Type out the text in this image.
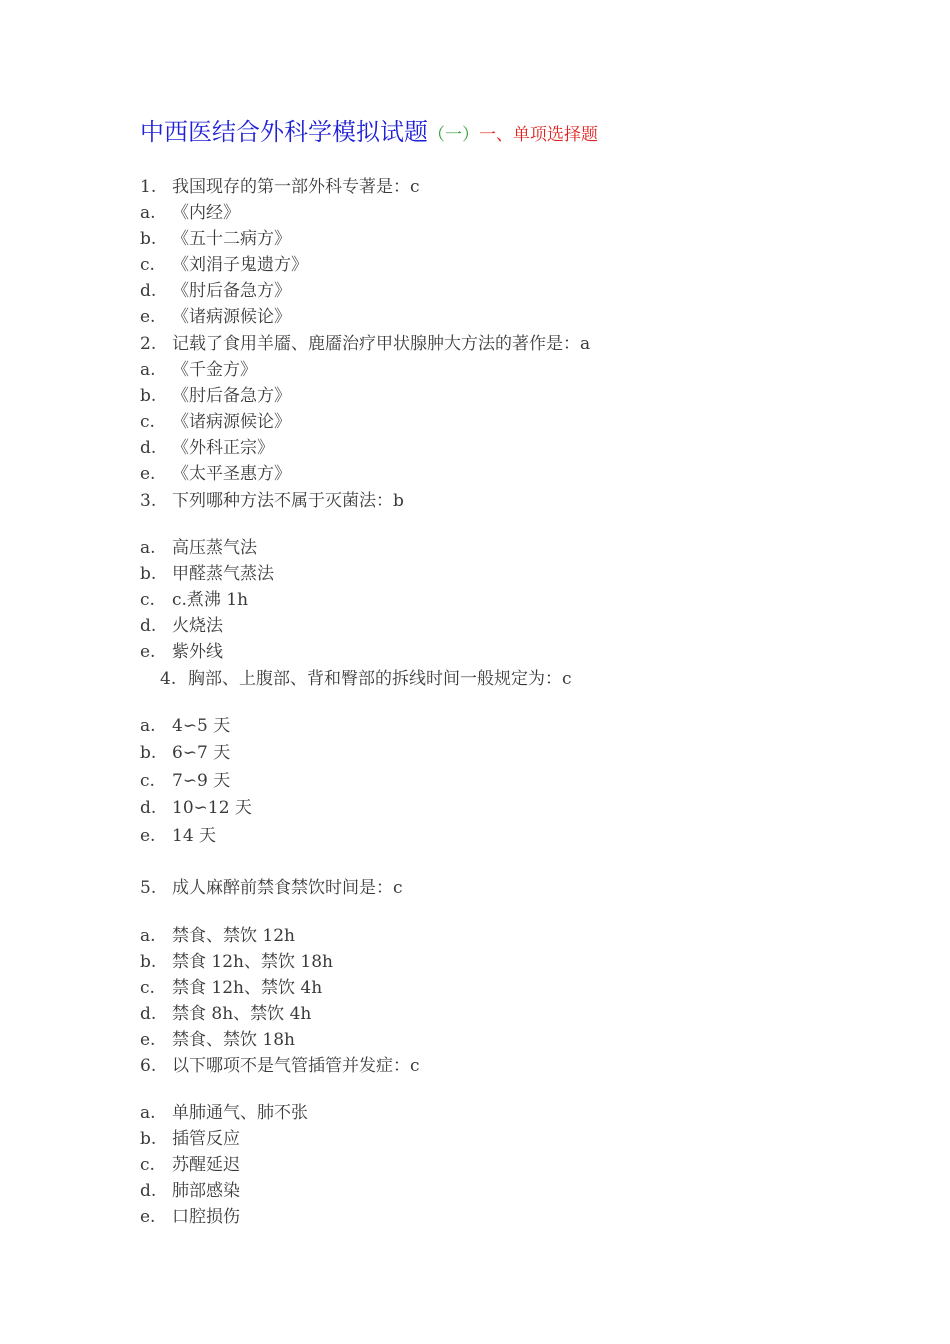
中西医结合外科学模拟试题（一）一、单项选择题
1. 我国现存的第一部外科专著是：c
a. 《内经》
b. 《五十二病方》
c. 《刘涓子鬼遗方》
d. 《肘后备急方》
e. 《诸病源候论》
2. 记载了食用羊靥、鹿靥治疗甲状腺肿大方法的著作是：a
a. 《千金方》
b. 《肘后备急方》
c. 《诸病源候论》
d. 《外科正宗》
e. 《太平圣惠方》
3. 下列哪种方法不属于灭菌法：b
a. 高压蒸气法
b. 甲醛蒸气蒸法
c. c.煮沸 1h
d. 火烧法
e. 紫外线
4. 胸部、上腹部、背和臀部的拆线时间一般规定为：c
a. 4∽5 天
b. 6∽7 天
c. 7∽9 天
d. 10∽12 天
e. 14 天
5. 成人麻醉前禁食禁饮时间是：c
a. 禁食、禁饮 12h
b. 禁食 12h、禁饮 18h
c. 禁食 12h、禁饮 4h
d. 禁食 8h、禁饮 4h
e. 禁食、禁饮 18h
6. 以下哪项不是气管插管并发症：c
a. 单肺通气、肺不张
b. 插管反应
c. 苏醒延迟
d. 肺部感染
e. 口腔损伤
